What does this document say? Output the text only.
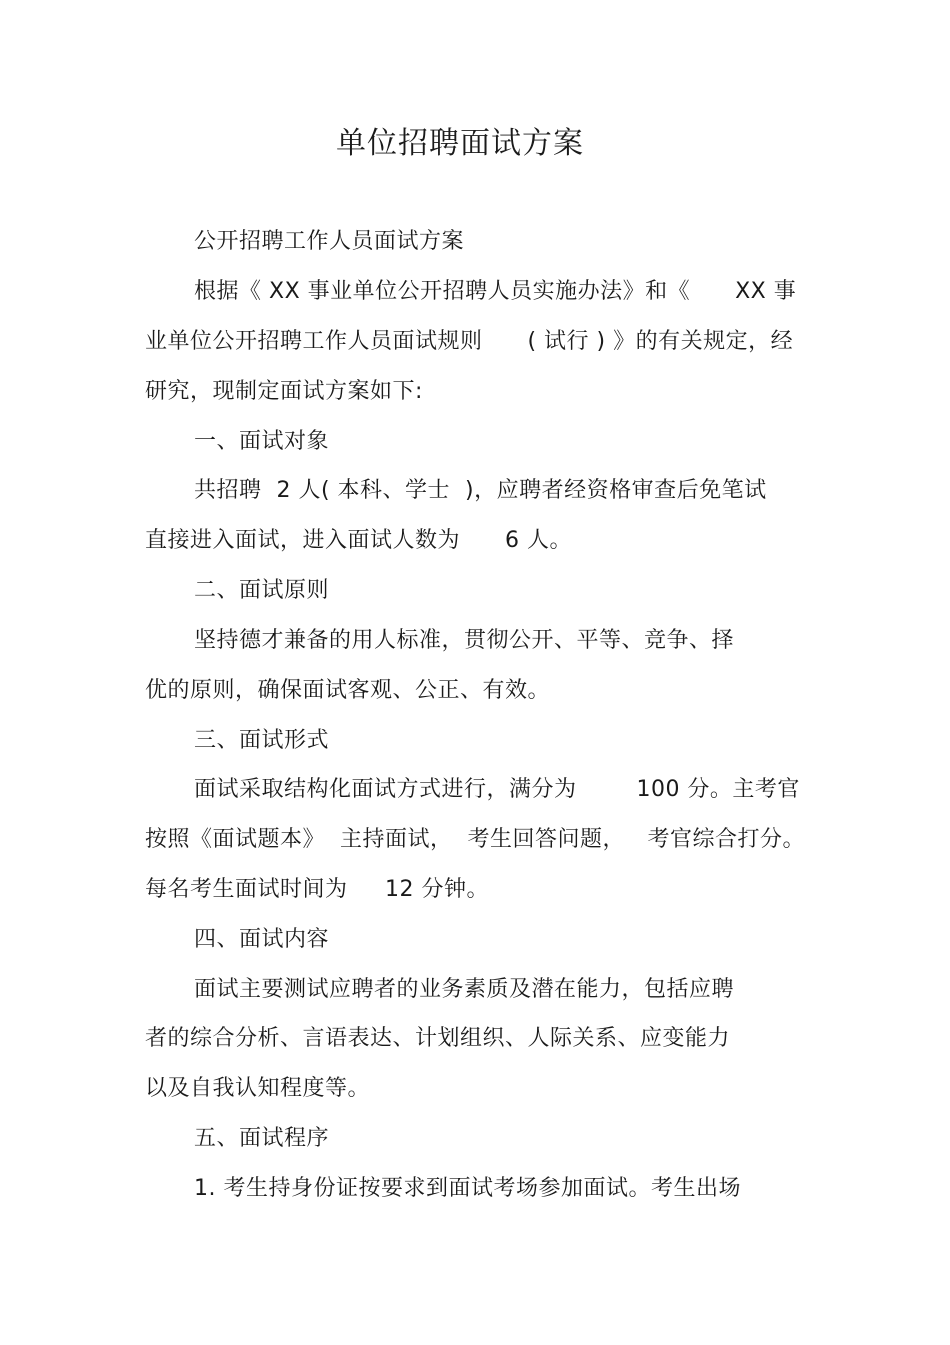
单位招聘面试方案
公开招聘工作人员面试方案
根据《 XX 事业单位公开招聘人员实施办法》和《      XX 事
业单位公开招聘工作人员面试规则      ( 试行 ) 》的有关规定，经
研究，现制定面试方案如下:
一、面试对象
共招聘  2 人( 本科、学士  )，应聘者经资格审查后免笔试
直接进入面试，进入面试人数为      6 人。
二、面试原则
坚持德才兼备的用人标准，贯彻公开、平等、竞争、择
优的原则，确保面试客观、公正、有效。
三、面试形式
面试采取结构化面试方式进行，满分为        100 分。主考官
按照《面试题本》  主持面试，  考生回答问题，   考官综合打分。
每名考生面试时间为     12 分钟。
四、面试内容
面试主要测试应聘者的业务素质及潜在能力，包括应聘
者的综合分析、言语表达、计划组织、人际关系、应变能力
以及自我认知程度等。
五、面试程序
1. 考生持身份证按要求到面试考场参加面试。考生出场
